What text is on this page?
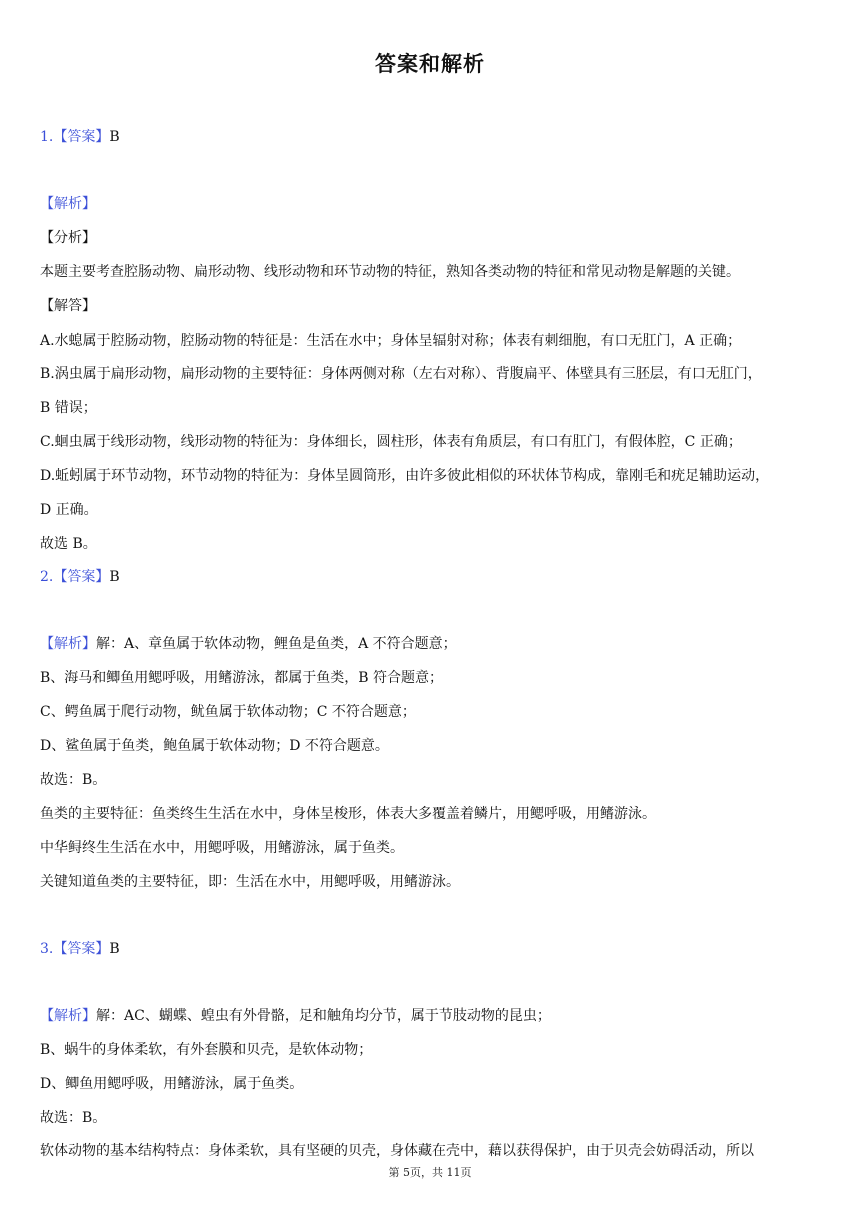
答案和解析
1.【答案】B
【解析】
【分析】
本题主要考查腔肠动物、扁形动物、线形动物和环节动物的特征，熟知各类动物的特征和常见动物是解题的关键。
【解答】
A.水螅属于腔肠动物，腔肠动物的特征是：生活在水中；身体呈辐射对称；体表有刺细胞，有口无肛门，A 正确；
B.涡虫属于扁形动物，扁形动物的主要特征：身体两侧对称（左右对称）、背腹扁平、体壁具有三胚层，有口无肛门，
B 错误；
C.蛔虫属于线形动物，线形动物的特征为：身体细长，圆柱形，体表有角质层，有口有肛门，有假体腔，C 正确；
D.蚯蚓属于环节动物，环节动物的特征为：身体呈圆筒形，由许多彼此相似的环状体节构成，靠刚毛和疣足辅助运动，
D 正确。
故选 B。
2.【答案】B
【解析】解：A、章鱼属于软体动物，鲤鱼是鱼类，A 不符合题意；
B、海马和鲫鱼用鳃呼吸，用鳍游泳，都属于鱼类，B 符合题意；
C、鳄鱼属于爬行动物，鱿鱼属于软体动物；C 不符合题意；
D、鲨鱼属于鱼类，鲍鱼属于软体动物；D 不符合题意。
故选：B。
鱼类的主要特征：鱼类终生生活在水中，身体呈梭形，体表大多覆盖着鳞片，用鳃呼吸，用鳍游泳。
中华鲟终生生活在水中，用鳃呼吸，用鳍游泳，属于鱼类。
关键知道鱼类的主要特征，即：生活在水中，用鳃呼吸，用鳍游泳。
3.【答案】B
【解析】解：AC、蝴蝶、蝗虫有外骨骼，足和触角均分节，属于节肢动物的昆虫；
B、蜗牛的身体柔软，有外套膜和贝壳，是软体动物；
D、鲫鱼用鳃呼吸，用鳍游泳，属于鱼类。
故选：B。
软体动物的基本结构特点：身体柔软，具有坚硬的贝壳，身体藏在壳中，藉以获得保护，由于贝壳会妨碍活动，所以
第 5页，共 11页
